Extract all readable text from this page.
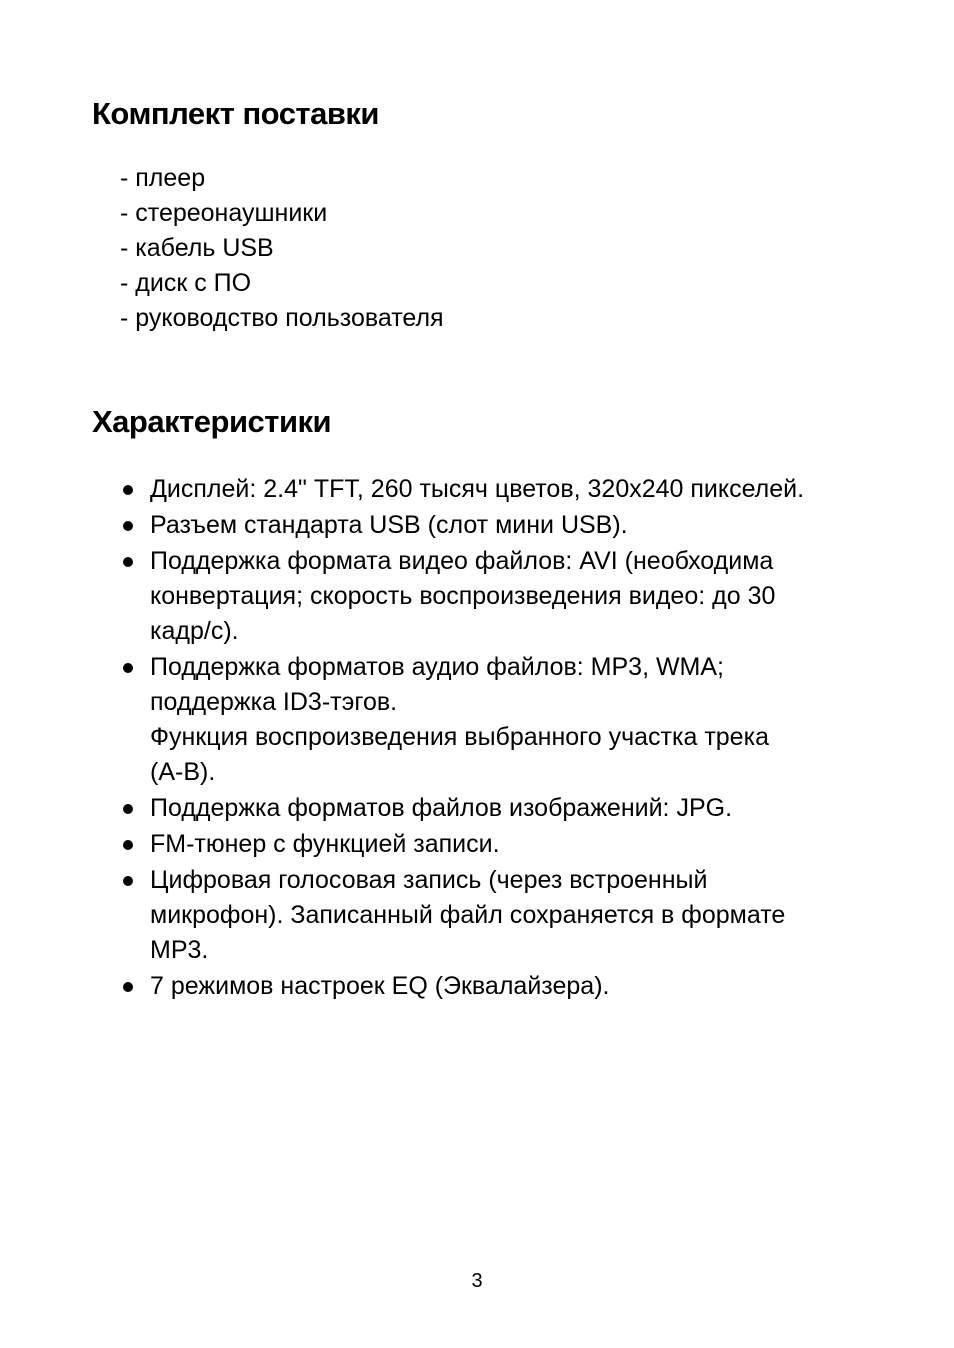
Комплект поставки
- плеер
- стереонаушники
- кабель USB
- диск с ПО
- руководство пользователя
Характеристики
Дисплей: 2.4" TFT, 260 тысяч цветов, 320x240 пикселей.
Разъем стандарта USB (слот мини USB).
Поддержка формата видео файлов: AVI (необходима
конвертация; скорость воспроизведения видео: до 30
кадр/с).
Поддержка форматов аудио файлов: MP3, WMA;
поддержка ID3-тэгов.
Функция воспроизведения выбранного участка трека
(A-B).
Поддержка форматов файлов изображений: JPG.
FM-тюнер с функцией записи.
Цифровая голосовая запись (через встроенный
микрофон). Записанный файл сохраняется в формате
MP3.
7 режимов настроек EQ (Эквалайзера).
3
